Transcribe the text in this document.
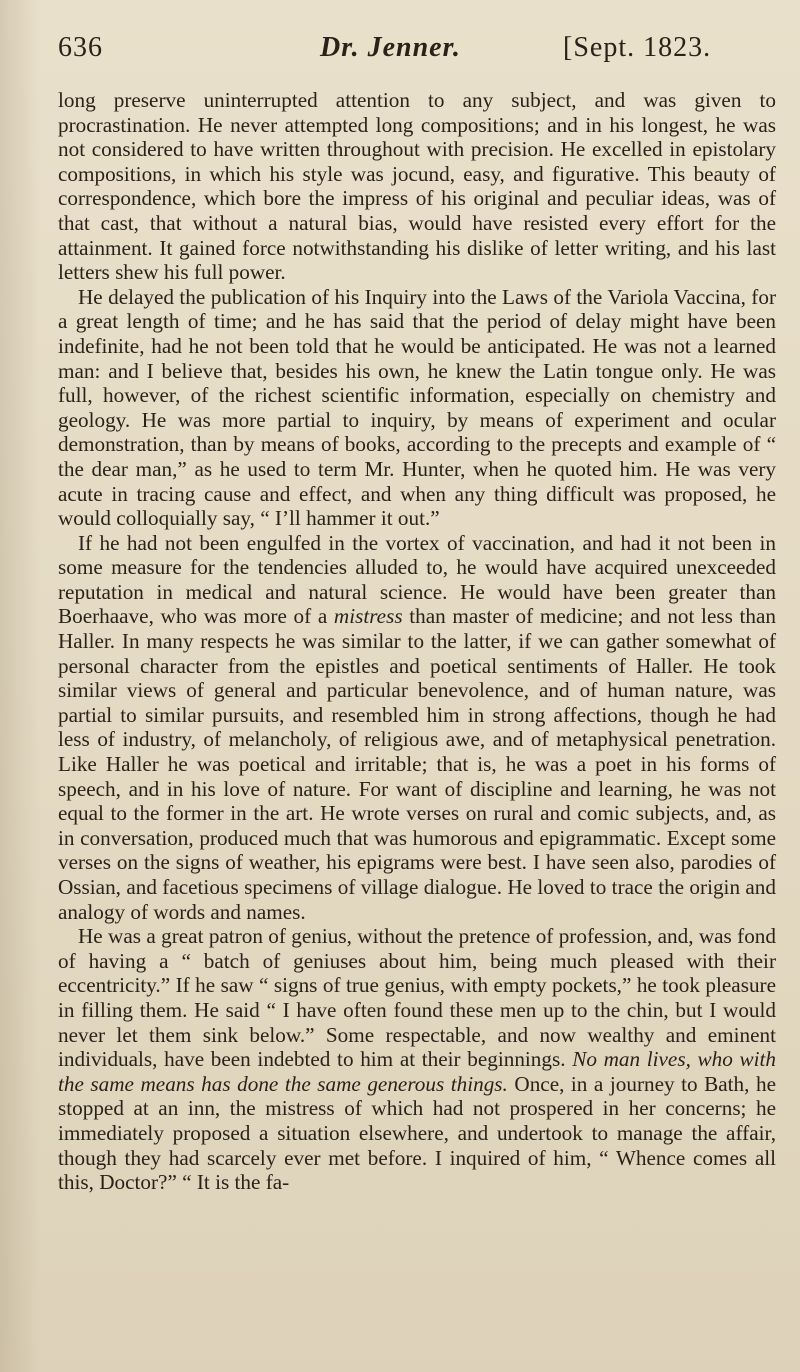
636	Dr. Jenner.	[Sept. 1823.

long preserve uninterrupted attention to any subject, and was given to procrastination. He never attempted long compositions; and in his longest, he was not considered to have written throughout with precision. He excelled in epistolary compositions, in which his style was jocund, easy, and figurative. This beauty of correspondence, which bore the impress of his original and peculiar ideas, was of that cast, that without a natural bias, would have resisted every effort for the attainment. It gained force notwithstanding his dislike of letter writing, and his last letters shew his full power.

He delayed the publication of his Inquiry into the Laws of the Variola Vaccina, for a great length of time; and he has said that the period of delay might have been indefinite, had he not been told that he would be anticipated. He was not a learned man: and I believe that, besides his own, he knew the Latin tongue only. He was full, however, of the richest scientific information, especially on chemistry and geology. He was more partial to inquiry, by means of experiment and ocular demonstration, than by means of books, according to the precepts and example of “ the dear man,” as he used to term Mr. Hunter, when he quoted him. He was very acute in tracing cause and effect, and when any thing difficult was proposed, he would colloquially say, “ I’ll hammer it out.”

If he had not been engulfed in the vortex of vaccination, and had it not been in some measure for the tendencies alluded to, he would have acquired unexceeded reputation in medical and natural science. He would have been greater than Boerhaave, who was more of a mistress than master of medicine; and not less than Haller. In many respects he was similar to the latter, if we can gather somewhat of personal character from the epistles and poetical sentiments of Haller. He took similar views of general and particular benevolence, and of human nature, was partial to similar pursuits, and resembled him in strong affections, though he had less of industry, of melancholy, of religious awe, and of metaphysical penetration. Like Haller he was poetical and irritable; that is, he was a poet in his forms of speech, and in his love of nature. For want of discipline and learning, he was not equal to the former in the art. He wrote verses on rural and comic subjects, and, as in conversation, produced much that was humorous and epigrammatic. Except some verses on the signs of weather, his epigrams were best. I have seen also, parodies of Ossian, and facetious specimens of village dialogue. He loved to trace the origin and analogy of words and names.

He was a great patron of genius, without the pretence of profession, and, was fond of having a “ batch of geniuses about him, being much pleased with their eccentricity.” If he saw “ signs of true genius, with empty pockets,” he took pleasure in filling them. He said “ I have often found these men up to the chin, but I would never let them sink below.” Some respectable, and now wealthy and eminent individuals, have been indebted to him at their beginnings. No man lives, who with the same means has done the same generous things. Once, in a journey to Bath, he stopped at an inn, the mistress of which had not prospered in her concerns; he immediately proposed a situation elsewhere, and undertook to manage the affair, though they had scarcely ever met before. I inquired of him, “ Whence comes all this, Doctor?” “ It is the fa‑
